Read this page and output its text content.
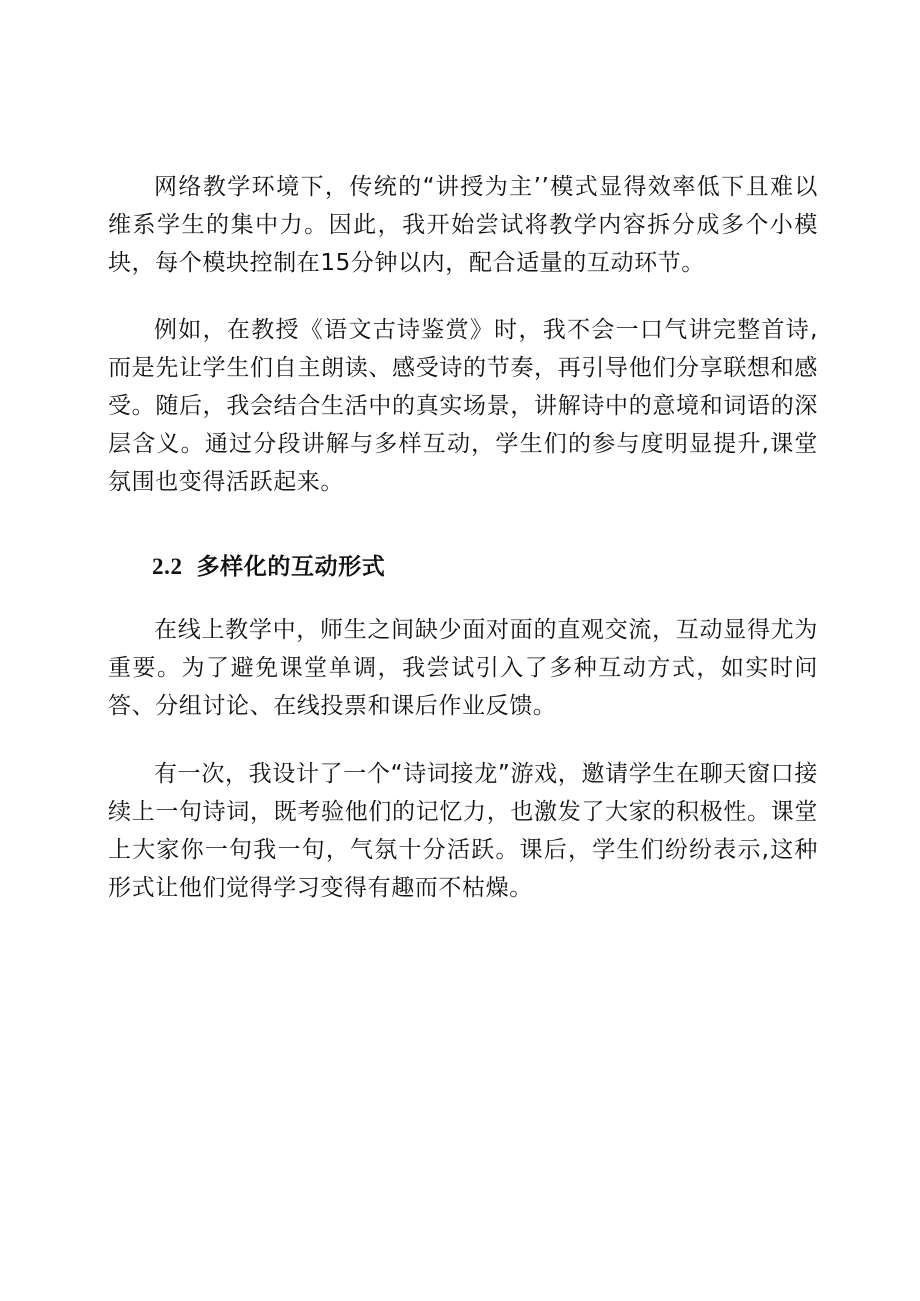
网络教学环境下，传统的“讲授为主’’模式显得效率低下且难以维系学生的集中力。因此，我开始尝试将教学内容拆分成多个小模块，每个模块控制在15分钟以内，配合适量的互动环节。

例如，在教授《语文古诗鉴赏》时，我不会一口气讲完整首诗,而是先让学生们自主朗读、感受诗的节奏，再引导他们分享联想和感受。随后，我会结合生活中的真实场景，讲解诗中的意境和词语的深层含义。通过分段讲解与多样互动，学生们的参与度明显提升,课堂氛围也变得活跃起来。

2.2 多样化的互动形式

在线上教学中，师生之间缺少面对面的直观交流，互动显得尤为重要。为了避免课堂单调，我尝试引入了多种互动方式，如实时问答、分组讨论、在线投票和课后作业反馈。

有一次，我设计了一个“诗词接龙”游戏，邀请学生在聊天窗口接续上一句诗词，既考验他们的记忆力，也激发了大家的积极性。课堂上大家你一句我一句，气氛十分活跃。课后，学生们纷纷表示,这种形式让他们觉得学习变得有趣而不枯燥。
